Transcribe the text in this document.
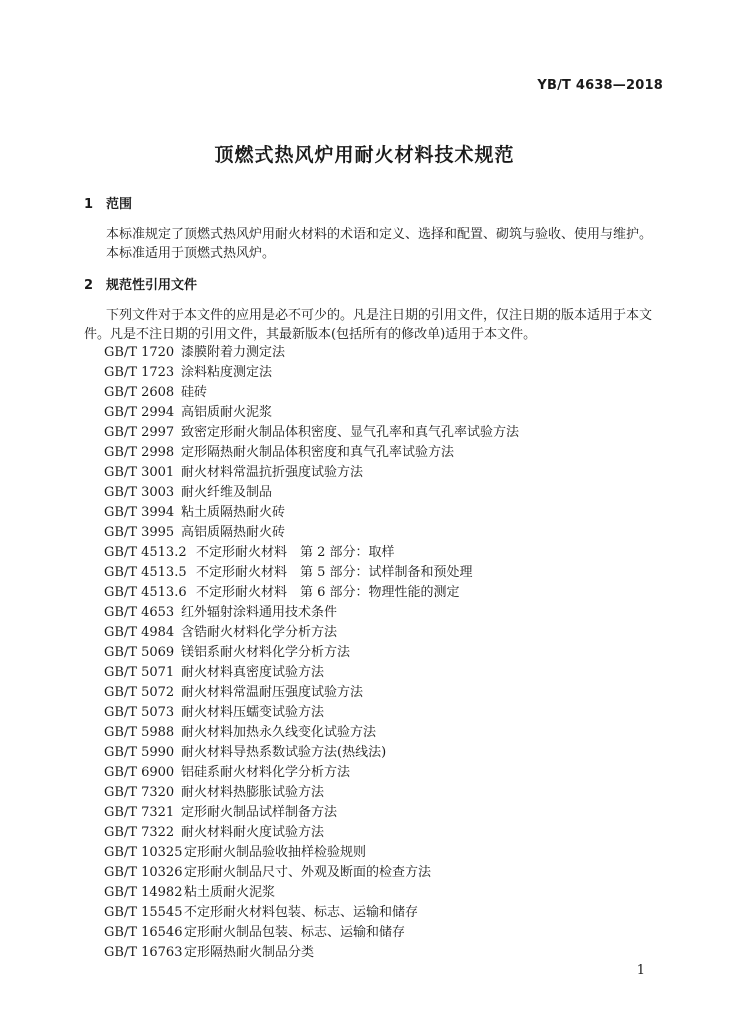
YB/T 4638—2018
顶燃式热风炉用耐火材料技术规范
1 范围
本标准规定了顶燃式热风炉用耐火材料的术语和定义、选择和配置、砌筑与验收、使用与维护。
本标准适用于顶燃式热风炉。
2 规范性引用文件
下列文件对于本文件的应用是必不可少的。凡是注日期的引用文件，仅注日期的版本适用于本文件。凡是不注日期的引用文件，其最新版本(包括所有的修改单)适用于本文件。
GB/T 1720 漆膜附着力测定法
GB/T 1723 涂料粘度测定法
GB/T 2608 硅砖
GB/T 2994 高铝质耐火泥浆
GB/T 2997 致密定形耐火制品体积密度、显气孔率和真气孔率试验方法
GB/T 2998 定形隔热耐火制品体积密度和真气孔率试验方法
GB/T 3001 耐火材料常温抗折强度试验方法
GB/T 3003 耐火纤维及制品
GB/T 3994 粘土质隔热耐火砖
GB/T 3995 高铝质隔热耐火砖
GB/T 4513.2 不定形耐火材料　第 2 部分：取样
GB/T 4513.5 不定形耐火材料　第 5 部分：试样制备和预处理
GB/T 4513.6 不定形耐火材料　第 6 部分：物理性能的测定
GB/T 4653 红外辐射涂料通用技术条件
GB/T 4984 含锆耐火材料化学分析方法
GB/T 5069 镁铝系耐火材料化学分析方法
GB/T 5071 耐火材料真密度试验方法
GB/T 5072 耐火材料常温耐压强度试验方法
GB/T 5073 耐火材料压蠕变试验方法
GB/T 5988 耐火材料加热永久线变化试验方法
GB/T 5990 耐火材料导热系数试验方法(热线法)
GB/T 6900 铝硅系耐火材料化学分析方法
GB/T 7320 耐火材料热膨胀试验方法
GB/T 7321 定形耐火制品试样制备方法
GB/T 7322 耐火材料耐火度试验方法
GB/T 10325 定形耐火制品验收抽样检验规则
GB/T 10326 定形耐火制品尺寸、外观及断面的检查方法
GB/T 14982 粘土质耐火泥浆
GB/T 15545 不定形耐火材料包装、标志、运输和储存
GB/T 16546 定形耐火制品包装、标志、运输和储存
GB/T 16763 定形隔热耐火制品分类
1
